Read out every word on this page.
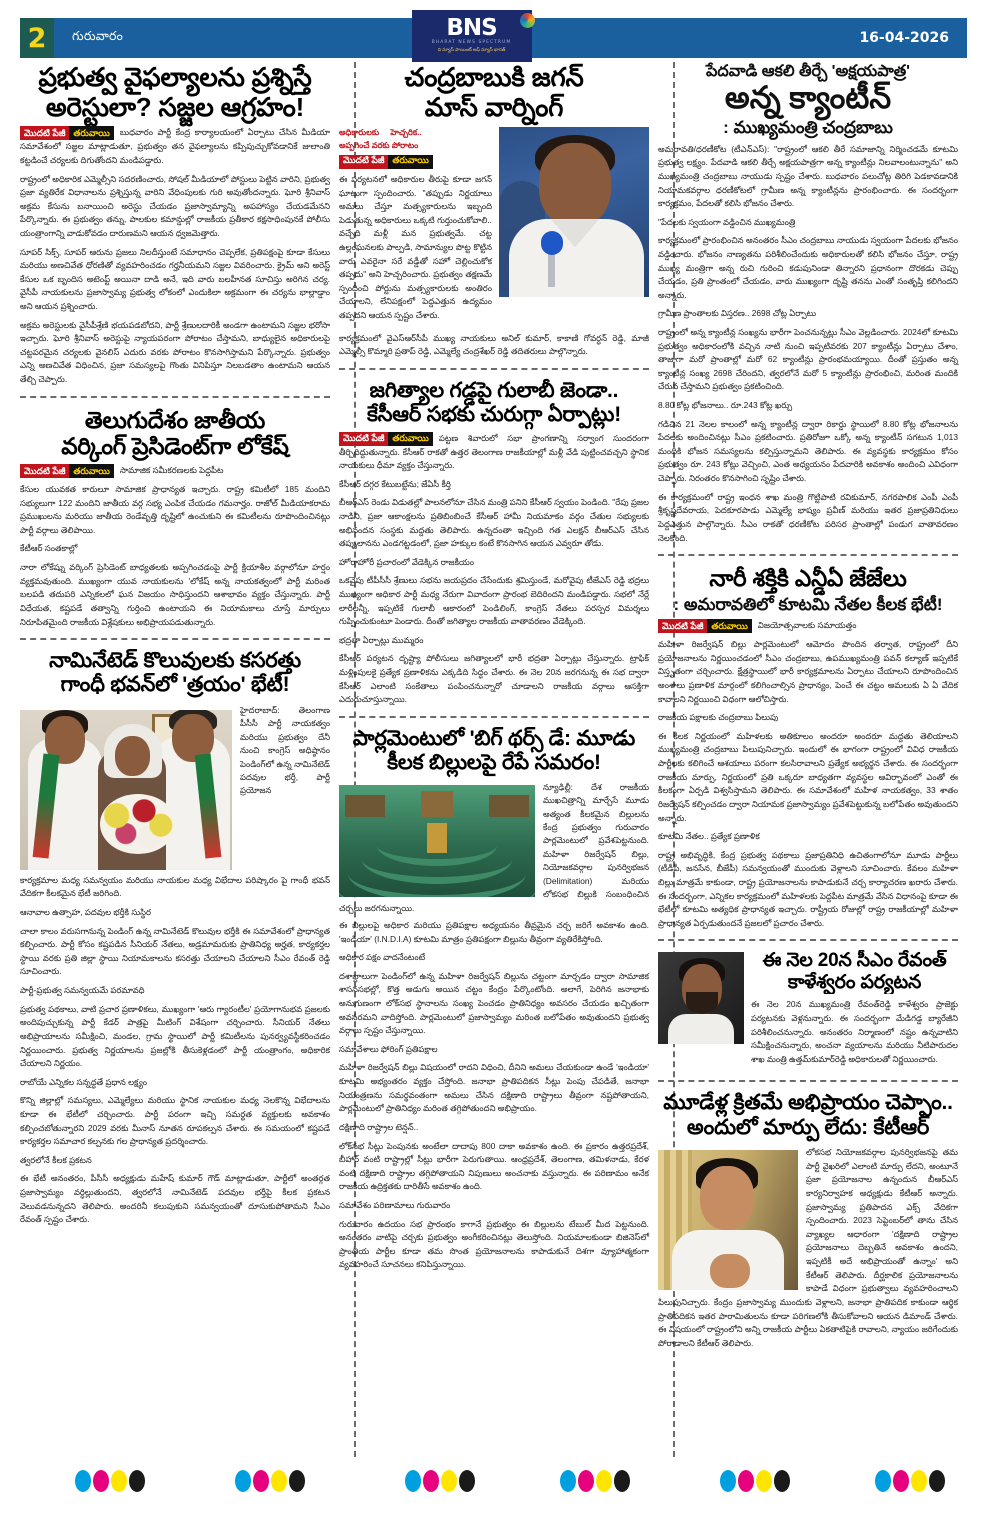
2 గురువారం	BNS
BHARAT NEWS SPECTRUM
ది న్యూస్ పాయింట్ అఫ్ న్యూస్ భారత్
16-04-2026
ప్రభుత్వ వైఫల్యాలను ప్రశ్నిస్తే
అరెస్టులా? సజ్జల ఆగ్రహం!

మొదటి పేజీ తరువాయి	బుధవారం పార్టీ కేంద్ర కార్యాలయంలో ఏర్పాటు చేసిన మీడియా సమావేశంలో సజ్జల మాట్లాడుతూ, ప్రభుత్వం తన వైఫల్యాలను కప్పిపుచ్చుకోవడానికే జులాంతి కట్టడించే చర్యలకు దిగుతోందని మండిపడ్డారు.

రాష్ట్రంలో అధికారిక ఎమ్మెల్సీని సదరణించారు, సోషల్ మీడియాలో పోస్టులు పెట్టిన వారిని, ప్రభుత్వ ప్రజా వ్యతిరేక విధానాలను ప్రశ్నిస్తున్న వారిని వేధింపులకు గురి అవుతోందన్నారు. ఘోరి శ్రీనివాస్ అక్రమ కేసును బనాయించి అరెస్టు చేయడం ప్రజాస్వామ్యాన్ని అపహాస్యం చేయడమేనని పేర్కొన్నారు. ఈ ప్రభుత్వం తన్ను, పాలకుల కమాన్డుల్లో రాజకీయ ప్రతీకార కక్షసాధింపునకే పోలీసు యంత్రాంగాన్ని వాడుకోవడం దారుణమని ఆయన ధ్వజమెత్తారు.

సూపర్ సిక్స్, సూపర్ ఆరును ప్రజలు నిలదీస్తుంటే సమాధానం చెప్పలేక, ప్రతిపక్షంపై కూడా కేసులు మరియు అణచివేత ధోరణితో వ్యవహరించడం గర్హనీయమని సజ్జల వివరించారు. క్రైమ్ అని అరెస్ట్ కేసుల ఒక బృందిస అటెంప్ట్ అయినా దాడి అనే, ఇది వారు బలహీనత సూచిస్తు అరిగిన చర్య. వైసీపీ నాయకులను ప్రజాస్వామ్య ప్రభుత్వ లోకంలో ఎందుకిలా అక్రమంగా ఈ చర్యను భాల్లాడ్డాం అని ఆయన ప్రశ్నించారు.

అక్రమ అరెస్టులకు వైసీపీశ్రేణి భయపడబోదని, పార్టీ శ్రేణులదారికీ అండగా ఉంటామని సజ్జల భరోసా ఇచ్చారు. ఘోరి శ్రీనివాస్ అరెస్టుపై న్యాయపరంగా పోరాటం చేస్తామని, బాధ్యులైన అధికారులపై చట్టపరమైన చర్యలకు వైనలిస్ ఎదురు వరకు పోరాటం కొనసాగిస్తామని పేర్కొన్నారు. ప్రభుత్వం ఎన్ని అణచివేత విధించిన, ప్రజా సమస్యలపై గొంతు వినిపిస్తూ నిలబడతాం ఉంటామని ఆయన తేల్చి చెప్పారు.

తెలుగుదేశం జాతీయ
వర్కింగ్ ప్రెసిడెంట్‌గా లోకేష్

మొదటి పేజీ తరువాయి	సామాజిక సమీకరణలకు పెద్దపీట

కేసుల యువకత కారులూ సామాజిక ప్రాధాన్యత ఇచ్చారు. రాష్ట్ర కమిటీలో 185 మందిని సభ్యులుగా 122 మందిని జాతీయ వర్గ సభ్య ఎంపిక చేయడం గమనార్హం. రాజోల్ మీడియాకరామ ప్రముఖులను మరియు జాతీయ రెండేవృత్తి దృష్టిలో ఉంచుకుని ఈ కమిటీలను రూపొందించినట్లు పార్టీ వర్గాలు తెలిపాయి.

కేటీఆర్ సంతకాల్లో

నారా లోకేష్ను వర్కింగ్ ప్రెసిడెంట్ బాధ్యతలకు అప్పగించడంపై పార్టీ క్రియాశీల వర్గాలోనూ హర్షం వ్యక్తమవుతుంది. ముఖ్యంగా యువ నాయకులను 'లోకేష్ అన్న నాయకత్వంలో పార్టీ మరింత బలపడి తదుపరి ఎన్నికలలో ఘన విజయం సాధిస్తుందని ఆశాభావం వ్యక్తం చేస్తున్నారు. పార్టీ విధేయత, కష్టపడే తత్వాన్ని గుర్తించి ఉంటాయని ఈ నియామకాలు చూస్తే మార్పులు నిరూపితమైంది రాజకీయ విశ్లేషకులు అభిప్రాయపడుతున్నారు.

నామినేటెడ్ కొలువులకు కసరత్తు
గాంధీ భవన్‌లో 'త్రయం' భేటీ!
హైదరాబాద్: తెలంగాణ పీసీసీ పార్టీ నాయకత్వం మరియు ప్రభుత్వం దేనీ నుంచి కాంగ్రెస్ అధిష్ఠానం పెండింగ్‌లో ఉన్న నామినేటెడ్ పదవుల భర్తీ, పార్టీ ప్రయోజన

కార్యక్రమాల మధ్య సమన్వయం మరియు నాయకుల మధ్య విభేదాల పరిష్కారం పై గాంధీ భవన్ వేదికగా కీలకమైన భేటీ జరిగింది.

ఆనావాల ఉత్సాహ, పదవుల భర్తీకి సుస్థిర

చాలా కాలం వరుసగానున్న పెండింగ్ ఉన్న నామినేటెడ్ కొలువుల భర్తీకి ఈ సమావేశంలో ప్రాధాన్యత కల్పించారు. పార్టీ కోసం కష్టపడిన సీనియర్ నేతలు, అడ్రమామరుకు ప్రాతినిధ్య అర్హత, కార్యకర్తల స్థాయి వరకు ప్రతి జిల్లా స్థాయి నియామకాలను కసరత్తు చేయాలని చేయాలని సీఎం రేవంత్ రెడ్డి సూచించారు.

పార్టీ-ప్రభుత్వ సమన్వయమే పరమావధి

ప్రభుత్వ పథకాలు, వాటి ప్రచార ప్రణాళికలు, ముఖ్యంగా 'ఆరు గ్యారంటీల' ప్రయోగానుభవ ప్రజలకు అందిపుచ్చుకున్న పార్టీ కేడర్ పాత్రపై మీటింగ్ విశేషంగా చర్చించారు. సీనియర్ నేతలు అభిప్రాయాలను సమీక్షించి, మండల, గ్రామ స్థాయిలో పార్టీ కమిటీలను పునర్వ్యవస్థీకరించడం నిర్ణయించారు. ప్రభుత్వ నిర్ణయాలను ప్రజల్లోకి తీసుకెళ్లడంలో పార్టీ యంత్రాంగం, అధికారిక చేయాలని నిర్ణయం.

రాబోయే ఎన్నికల సన్నద్ధతే ప్రధాన లక్ష్యం

కొన్ని జిల్లాల్లో సమస్యలు, ఎమ్మెల్యేలు మరియు స్థానిక నాయకుల మధ్య నెలకొన్న విభేదాలను కూడా ఈ భేటీలో చర్చించారు. పార్టీ పరంగా ఇచ్చి సమర్థత వ్యక్తులకు అవకాశం కల్పించబోతున్నారని 2029 వరకు మీనాస్ నూతన రూపకల్పన చేశారు. ఈ సమయంలో కష్టపడే కార్యకర్తల సమాచార కల్పనకు గల ప్రాధాన్యత ప్రదర్శించారు.

త్వరలోనే కీలక ప్రకటన

ఈ భేటీ అనంతరం, పీసీసీ అధ్యక్షుడు మహేష్ కుమార్ గౌడ్ మాట్లాడుతూ, పార్టీలో అంతర్గత ప్రజాస్వామ్యం వర్ధిల్లుతుందని, త్వరలోనే నామినేటెడ్ పదవుల భర్తీపై కీలక ప్రకటన వెలువడనున్నదని తెలిపారు. అందరినీ కలుపుకుని సమన్వయంతో దూసుకుపోతామని సీఎం రేవంత్ స్పష్టం చేశారు.

చంద్రబాబుకి జగన్
మాస్ వార్నింగ్
అధికారులకు హెచ్చరిక..
అప్పగించే వరకు పోరాటం
మొదటి పేజీ తరువాయి

ఈ పర్యటనలో అధికారుల తీరుపై కూడా జగన్ ఘాటుగా స్పందించారు. "తప్పుడు నిర్ణయాలు అమలు చేస్తూ మత్స్యకారులను ఇబ్బంది పెడుతున్న అధికారులు ఒక్కటి గుర్తుంచుకోవాలి.. వచ్చేది మళ్లీ మన ప్రభుత్వమే. చట్ట ఉల్లంఘనలకు పాల్పడి, సామాన్యుల పొట్ట కొట్టిన వారు ఎవరైనా సరే వడ్డీతో సహో చెల్లించుకోక తప్పదు" అని హెచ్చరించారు. ప్రభుత్వం తక్షణమే స్పందించి పోర్టును మత్స్యకారులకు అంతిరం చేయాలని, లేనిపక్షంలో పెద్దఎత్తున ఉద్యమం తప్పదని ఆయన స్పష్టం చేశారు.

కార్యక్రమంలో వైఎస్ఆర్‌సీపీ ముఖ్య నాయకులు అనిల్ కుమార్, కాకాణి గోవర్ధన్ రెడ్డి, మాజీ ఎమ్మెల్సీ కొమ్మారి ప్రతాప్ రెడ్డి, ఎమ్మెల్యే చంద్రశేఖర్ రెడ్డి తదితరులు పాల్గొన్నారు.

జగిత్యాల గడ్డపై గులాబీ జెండా..
కేసీఆర్ సభకు చురుగ్గా ఏర్పాట్లు!

మొదటి పేజీ తరువాయి	పట్టణ శివారులో సభా ప్రాంగణాన్ని సర్వాంగ సుందరంగా తీర్చిదిద్దుతున్నారు. కేసీఆర్ రాకతో ఉత్తర తెలంగాణ రాజకీయాల్లో మళ్లీ వేడి పుట్టించవచ్చని స్థానిక నాయకులు ధీమా వ్యక్తం చేస్తున్నారు.

కేసీఆర్ దగ్గర కేటుబట్టేను; జేఏసీ కీర్తి

బీఆర్ఎస్ రెండు విడుతల్లో పాలనలోనూ చేసిన మంత్రి పనిని కేసీఆర్ స్వయం పెండింది. "రేపు ప్రజల నాడిని, ప్రజా ఆకాంక్షలను ప్రతిబింబించే కేసీఆర్ హామీ నియమాకం వర్గం చేతుల సభ్యులకు అభినందన సంస్థకు మద్దతు తెలిపారు. ఉన్నదంతా ఇచ్చింది గత ఎలక్షన్ బీఆర్ఎస్ చేసిన తప్పులానను ఎండగట్టడంలో, ప్రజా హక్కుల కంటే కొనసాగిన ఆయన ఎవ్వరూ తోడు.

హోరాహోరీ ప్రచారంలో వేడెక్కిన రాజకీయం

ఒకవైపు టీపీసీసీ శ్రేణులు సభను జయప్రదం చేసేందుకు శ్రమిస్తుండే, మరోవైపు టీజేఎస్ రెడ్డి భద్రలు ముఖ్యంగా అధికార పార్టీ మధ్య నేరుగా వివాదంగా ప్రారంభ బెదిరిందని మండిపడ్డారు. సభలో నేర్లే లారీలన్నీ, ఇప్పటికే గులాబీ ఆకారంలో పెండిలింగ్, కాంగ్రెస్ నేతలు పరస్పర విమర్శలు గుప్పించుకుంటూ పెండారు. దీంతో జగిత్యాల రాజకీయ వాతావరణం వేడెక్కింది.

భద్రతా ఏర్పాట్లు ముమ్మరం

కేసీఆర్ పర్యటన దృష్ట్యా పోలీసులు జగిత్యాలలో భారీ భద్రతా ఏర్పాట్లు చేస్తున్నారు. ట్రాఫిక్ మళ్లింపులకై ప్రత్యేక ప్రణాళికను ఎక్కడిది సిద్ధం చేశారు. ఈ నెల 20న జరగనున్న ఈ సభ ద్వారా కేసీఆర్ ఎలాంటి సంకేతాలు పంపించనున్నారో చూడాలని రాజకీయ వర్గాలు ఆసక్తిగా ఎదురుచూస్తున్నాయి.

పార్లమెంటులో 'బిగ్ థర్స్ డే: మూడు
కీలక బిల్లులపై రేపే సమరం!
న్యూఢిల్లీ: దేశ రాజకీయ ముఖచిత్రాన్ని మార్చేసే మూడు అత్యంత కీలకమైన బిల్లులను కేంద్ర ప్రభుత్వం గురువారం పార్లమెంటులో ప్రవేశపెట్టనుంది. మహిళా రిజర్వేషన్ బిల్లు, నియోజకవర్గాల పునర్విభజన (Delimitation) మరియు లోకసభ బిల్లుకి సంబంధించిన చర్చలు జరగనున్నాయి.

ఈ బిల్లులపై అధికార మరియు ప్రతిపక్షాల అధ్యయనం తీవ్రమైన చర్చ జరిగే అవకాశం ఉంది. 'ఇండియా' (I.N.D.I.A) కూటమి మాత్రం ప్రతిపక్షంగా బిల్లును తీవ్రంగా వ్యతిరేకిస్తోంది.

అధికార పక్షం వాదనేంటంటే

దశాబ్దాలుగా పెండింగ్‌లో ఉన్న మహిళా రిజర్వేషన్ బిల్లును చట్టంగా మార్చడం ద్వారా సామాజిక శాసనసభల్లో, కొత్త అడుగు అయిన చట్టం కేంద్రం పేర్కొంటోంది. అలాగే, పెరిగిన జనాభాకు అనుగుణంగా లోక్‌సభ స్థానాలను సంఖ్య పెంచడం ప్రాతినిధ్యం అవసరం చేయడం ఖచ్చితంగా అవసరమని వాదిస్తోంది. పార్లమెంటులో ప్రజాస్వామ్యం మరింత బలోపేతం అవుతుందని ప్రభుత్వ వర్గాలు స్పష్టం చేస్తున్నాయి.

సమావేశాలు ఫోరింగ్ ప్రతిపక్షాల

మహిళా రిజర్వేషన్ బిల్లు విషయంలో రాదని విధించి, దీనిని అమలు చేయకుండా ఉండే 'ఇండియా' కూటమి అభ్యంతరం వ్యక్తం చేస్తోంది. జనాభా ప్రాతిపదికన సీట్లు పెంపు చేపడితే, జనాభా నియంత్రణను సమర్థవంతంగా అమలు చేసిన దక్షిణాది రాష్ట్రాలు తీవ్రంగా నష్టపోతాయని, పార్లమెంటులో ప్రాతినిధ్యం మరింత తగ్గిపోతుందని అభిప్రాయం.

దక్షిణాది రాష్ట్రాల టెన్షన్..

లోక్‌సభ సీట్లు పెంపునకు అంటేలా దాదాపు 800 దాకా అవకాశం ఉంది. ఈ ప్రకారం ఉత్తరప్రదేశ్, బీహార్ వంటి రాష్ట్రాల్లో సీట్లు భారీగా పెరుగుతాయి. ఆంధ్రప్రదేశ్, తెలంగాణ, తమిళనాడు, కేరళ వంటి దక్షిణాది రాష్ట్రాల తగ్గిపోతాయని నిపుణులు అంచనాకు వస్తున్నారు. ఈ పరిణామం అనేక రాజకీయ ఉద్రిక్తతకు దారితీసే అవకాశం ఉంది.

సమావేశం పరిణామాలు గురువారం

గురువారం ఉదయం సభ ప్రారంభం కాగానే ప్రభుత్వం ఈ బిల్లులను టేబుల్ మీద పెట్టనుంది. అనంతరం వాటిపై చర్చకు ప్రభుత్వం అంగీకరించినట్లు తెలుస్తోంది. నియమాలకుండా బిజినెస్‌లో ప్రాంతీయ పార్టీల కూడా తమ సొంత ప్రయోజనాలను కాపాడుకునే దిశగా వ్యూహాత్మకంగా వ్యవహరించే సూచనలు కనిపిస్తున్నాయి.

పేదవాడి ఆకలి తీర్చే 'అక్షయపాత్ర'
అన్న క్యాంటీన్
: ముఖ్యమంత్రి చంద్రబాబు

అమరావతి/ధరణీకోట (టీఎన్ఎస్): "రాష్ట్రంలో ఆకలి తీరే సమాజాన్ని నిర్మించడమే కూటమి ప్రభుత్వ లక్ష్యం. పేదవాడి ఆకలి తీర్చే అక్షయపాత్రగా అన్న క్యాంటీన్లు నిలవాలంటున్నాను" అని ముఖ్యమంత్రి చంద్రబాబు నాయుడు స్పష్టం చేశారు. బుధవారం పలుచోట్ల తిరిగి పెడకావడానికి నియామకవర్గాల ధరణీకోటలో గ్రామీణ అన్న క్యాంటీన్లను ప్రారంభించారు. ఈ సందర్భంగా కార్యక్రమం, పేదలతో కలిసి భోజనం చేశారు.

"పేదలకు స్వయంగా వడ్డించిన ముఖ్యమంత్రి

కార్యక్రమంలో ప్రారంభించిన అనంతరం సీఎం చంద్రబాబు నాయుడు స్వయంగా పేదలకు భోజనం వడ్డించారు. భోజనం నాణ్యతను పరిశీలించేందుకు అధికారులతో కలిసి భోజనం చేస్తూ, రాష్ట్ర ముఖ్య మంత్రిగా అన్న రుచి గురించి కడుపునిండా తిన్నారని ప్రధానంగా దొరకడు చెప్పు చేయడం, ప్రతి ప్రాంతంలో చేయడం, వారు ముఖ్యంగా దృష్టి తనను ఎంతో సంతృప్తి కలిగిందని అన్నారు.

గ్రామీణ ప్రాంతాలకు విస్తరణ.. 2698 చోట్ల ఏర్పాటు

రాష్ట్రంలో అన్న క్యాంటీన్ల సంఖ్యను భారీగా పెంచనున్నట్లు సీఎం వెల్లడించారు. 2024లో కూటమి ప్రభుత్వం అధికారంలోకి వచ్చిన నాటి నుంచి ఇప్పటివరకు 207 క్యాంటీన్లు ఏర్పాటు చేశాం, తాజాగా మరో ప్రాంతాల్లో మరో 62 క్యాంటీన్లు ప్రారంభమయ్యాయి. దీంతో ప్రస్తుతం అన్న క్యాంటీన్ల సంఖ్య 2698 చేరిందని, త్వరలోనే మరో 5 క్యాంటీన్లు ప్రారంభించి, మరింత మందికి చేరువ చేస్తామని ప్రభుత్వం ప్రకటించింది.

8.80 కోట్ల భోజనాలు.. రూ.243 కోట్ల ఖర్చు

గడిచిన 21 నెలల కాలంలో అన్న క్యాంటీన్ల ద్వారా రికార్డు స్థాయిలో 8.80 కోట్ల భోజనాలను పేదలకు అందించినట్లు సీఎం ప్రకటించారు. ప్రతిరోజూ ఒక్కో అన్న క్యాంటీన్ సగటున 1,013 మందికి భోజన సమస్యలను కల్పిస్తున్నామని తెలిపారు. ఈ వ్యవస్థకు కార్యక్రమం కోసం ప్రభుత్వం రూ. 243 కోట్లు వెచ్చించి, ఎంత అధ్యయనం పేదవారికి అవకాశం అందించి ఎవిధంగా చెప్పారు. నిరంతరం కొనసాగించి సృష్టిం చేశారు.

ఈ కార్యక్రమంలో రాష్ట్ర ఇంధన శాఖ మంత్రి గొట్టిపాటి రవికుమార్, నగరపాలిక ఎంపీ ఎంపీ శ్రీకృష్ణదేవరాయ, పెదకూరపాడు ఎమ్మెల్యే భాష్యం ప్రవీణ్ మరియు ఇతర ప్రజాప్రతినిధులు పెద్దఎత్తున పాల్గొన్నారు. సీఎం రాకతో ధరణీకోట పరిసర ప్రాంతాల్లో పండుగ వాతావరణం నెలకొంది.

నారీ శక్తికి ఎన్డీఏ జేజేలు
: అమరావతిలో కూటమి నేతల కీలక భేటీ!

మొదటి పేజీ తరువాయి	విజయోత్సవాలకు సమాయత్తం

మహిళా రిజర్వేషన్ బిల్లు పార్లమెంటులో ఆమోదం పొందిన తర్వాత, రాష్ట్రంలో దీని ప్రయోజనాలను నిర్ణయించడంలో సీఎం చంద్రబాబు, ఉపముఖ్యమంత్రి పవన్ కల్యాణ్ ఇప్పటికే విస్తృతంగా చర్చించారు. క్షేత్రస్థాయిలో భారీ కార్యక్రమాలను ఏర్పాటు చేయాలని రూపొందించిన అంశాలు ప్రణాళిక మార్గంలో కలిగించాల్సిన ప్రాధాన్యం, పెంచే ఈ చట్టం అమలుకు ఏ ఏ వేదిక కావాలని నిర్ణయించి విధంగా ఆలోచిస్తారు.

రాజకీయ పక్షాలకు చంద్రబాబు పిలుపు

ఈ కీలక నిర్ణయంలో మహిళలకు అతికూలం అందరూ అందరూ మద్దతు తెలియాలని ముఖ్యమంత్రి చంద్రబాబు పిలుపునిచ్చారు. ఇందులో ఈ భాగంగా రాష్ట్రంలో వివిధ రాజకీయ పార్టీలకు కలిగించే ఆశయాలు పరంగా కలసిరావాలని ప్రత్యేక అభ్యర్థన చేశారు. ఈ సందర్భంగా రాజకీయ మార్పు, నిర్ణయంలో ప్రతి ఒక్కరూ బాధ్యతగా వ్యవస్థల ఆవిర్భావంలో ఎంతో ఈ కీలకంగా ఏర్పడి విశ్వసిస్తామని తెలిపారు. ఈ సమావేశంలో మహిళ నాయకత్వం, 33 శాతం రిజర్వేషన్ కల్పించడం ద్వారా నియామక ప్రజాస్వామ్యం ప్రవేశపెట్టుకున్న బలోపేతం అవుతుందని అన్నారు.

కూటమి నేతల.. ప్రత్యేక ప్రణాళిక

రాష్ట్ర అభివృద్ధికి, కేంద్ర ప్రభుత్వ పథకాలు ప్రజాప్రతినిధి ఉచితంగాలోనూ మూడు పార్టీలు (టీడీపీ, జనసేన, బీజేపీ) సమన్వయంతో ముందుకు వెళ్లాలని సూచించారు. కేవలం మహిళా బిల్లు మాత్రమే కాకుండా, రాష్ట్ర ప్రయోజనాలను కాపాడుకునే చర్చ కార్యాచరణ ఖరారు చేశారు. ఈ సందర్భంగా, ఎన్నికల కార్యక్రమంలో మహిళలకు పెద్దపీట మాత్రమే వేసిన విధానంపై కూడా ఈ భేటీలో కూటమి అత్యధిక ప్రాధాన్యత ఇచ్చారు. రాష్ట్రీయ రోజుల్లో రాష్ట్ర రాజకీయాల్లో మహిళా ప్రాధాన్యత ఏర్పడుతుందనే ప్రజలలో ప్రచారం చేశారు.

ఈ నెల 20న సీఎం రేవంత్
కాళేశ్వరం పర్యటన

ఈ నెల 20న ముఖ్యమంత్రి రేవంత్‌రెడ్డి కాళేశ్వరం ప్రాజెక్టు పర్యటనకు వెళ్లనున్నారు. ఈ సందర్భంగా మేడిగడ్డ బ్యారేజీని పరిశీలించనున్నారు. అనంతరం నిర్మాణంలో నష్టం ఉన్నవాటిని సమీక్షించనున్నారు, అంచనా వ్యయాలను మరియు నీటిపారుదల శాఖ మంత్రి ఉత్తమ్‌కుమార్‌రెడ్డి అధికారులతో నిర్ణయించారు.

మూడేళ్ల క్రితమే అభిప్రాయం చెప్పాం..
అందులో మార్పు లేదు: కేటీఆర్

లోకసభ నియోజకవర్గాల పునర్విభజనపై తమ పార్టీ వైఖరిలో ఎలాంటి మార్పు లేదని, అంటూనే ప్రజా ప్రయోజనాల ఉన్నందున బీఆర్ఎస్ కార్యనిర్వాహక అధ్యక్షుడు కేటీఆర్ అన్నారు. ప్రజాస్వామ్య ప్రతిపాదన ఎక్స్‌ వేదికగా స్పందించారు. 2023 సెప్టెంబర్‌లో తాను చేసిన వ్యాఖ్యల ఆధారంగా 'దక్షిణాది రాష్ట్రాల ప్రయోజనాలు దెబ్బతినే అవకాశం ఉందని, ఇప్పటికీ అదే అభిప్రాయంతో ఉన్నాం' అని కేటీఆర్ తెలిపారు. దీర్ఘకాలిక ప్రయోజనాలను కాపాడే విధంగా ప్రభుత్వాలు వ్యవహరించాలని పిలుపునిచ్చారు. కేంద్రం ప్రజాస్వామ్య ముందుకు వెళ్లాలని, జనాభా ప్రాతిపదిక కాకుండా ఆర్థిక ప్రాతిపదికన ఇతర పారామితులను కూడా పరిగణలోకి తీసుకోవాలని ఆయన డిమాండ్ చేశారు. ఈ విషయంలో రాష్ట్రంలోని అన్ని రాజకీయ పార్టీలు ఏకతాటిపైకి రావాలని, న్యాయం జరిగేందుకు పోరాడాలని కేటీఆర్ తెలిపారు.
